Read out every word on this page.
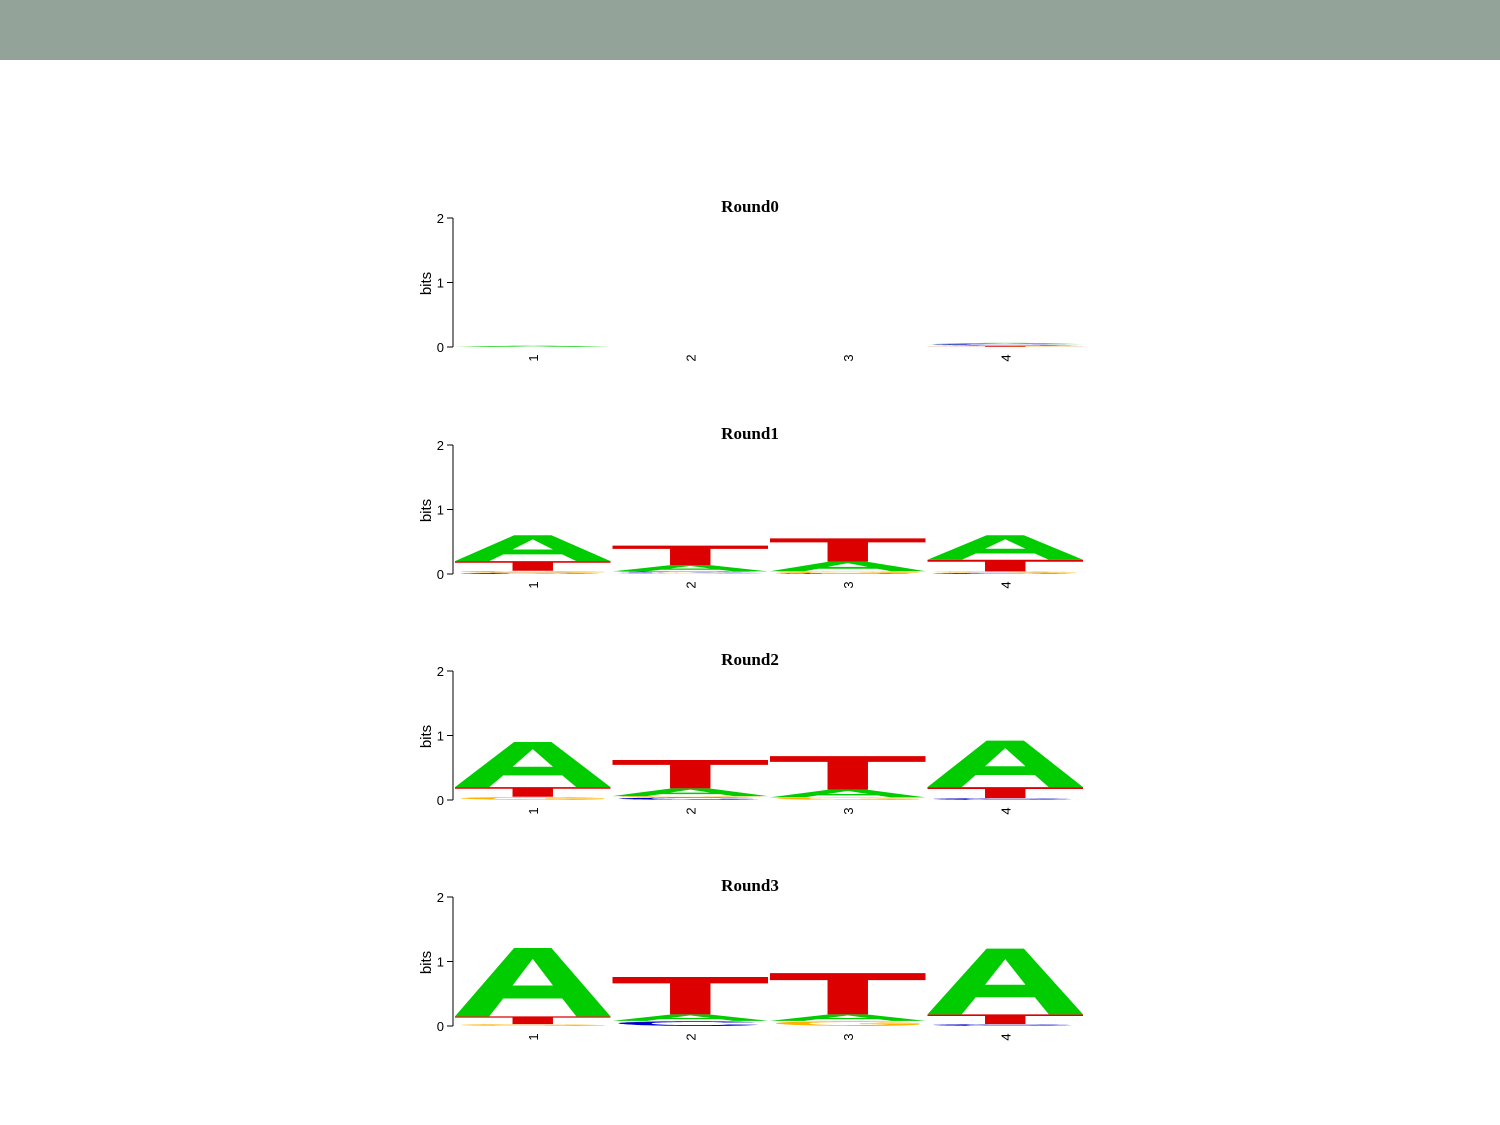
Round0
0
1
2
bits
1	2	3	4
Round1
0
1
2
bits
1	2	3	4
Round2
0
1
2
bits
1	2	3	4
Round3
0
1
2
bits
1	2	3	4
